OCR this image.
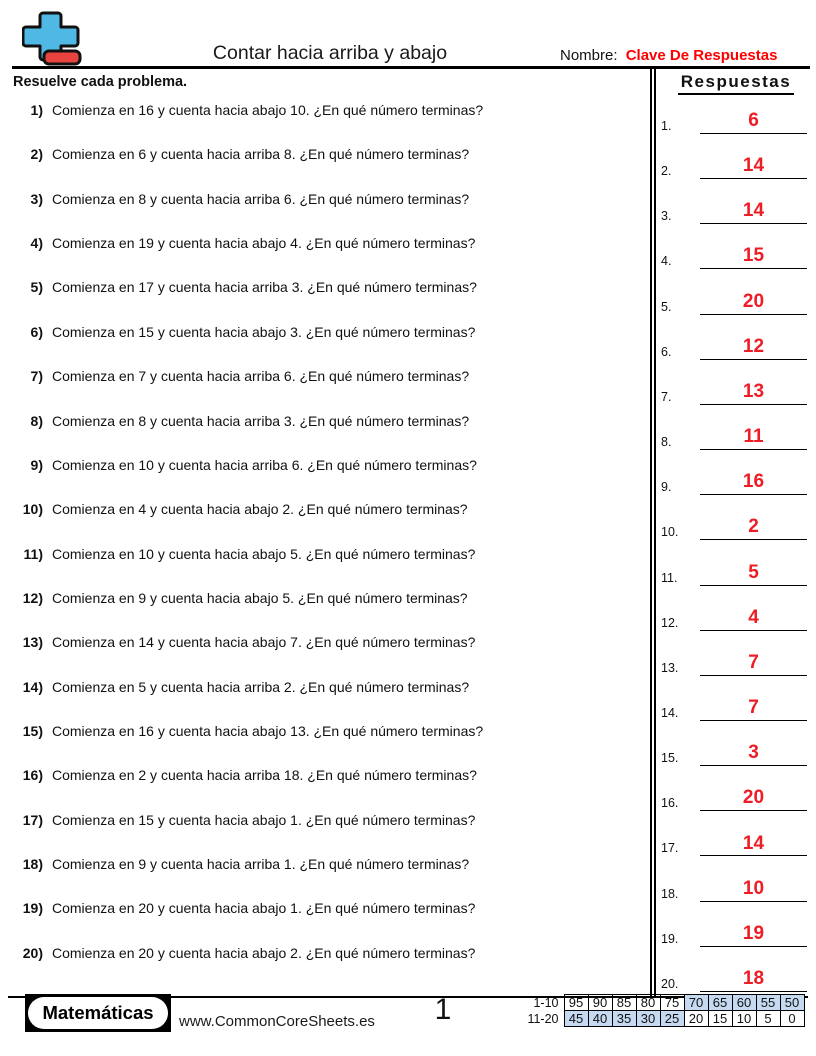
Contar hacia arriba y abajo	Nombre: Clave De Respuestas
Resuelve cada problema.
1) Comienza en 16 y cuenta hacia abajo 10. ¿En qué número terminas?
2) Comienza en 6 y cuenta hacia arriba 8. ¿En qué número terminas?
3) Comienza en 8 y cuenta hacia arriba 6. ¿En qué número terminas?
4) Comienza en 19 y cuenta hacia abajo 4. ¿En qué número terminas?
5) Comienza en 17 y cuenta hacia arriba 3. ¿En qué número terminas?
6) Comienza en 15 y cuenta hacia abajo 3. ¿En qué número terminas?
7) Comienza en 7 y cuenta hacia arriba 6. ¿En qué número terminas?
8) Comienza en 8 y cuenta hacia arriba 3. ¿En qué número terminas?
9) Comienza en 10 y cuenta hacia arriba 6. ¿En qué número terminas?
10) Comienza en 4 y cuenta hacia abajo 2. ¿En qué número terminas?
11) Comienza en 10 y cuenta hacia abajo 5. ¿En qué número terminas?
12) Comienza en 9 y cuenta hacia abajo 5. ¿En qué número terminas?
13) Comienza en 14 y cuenta hacia abajo 7. ¿En qué número terminas?
14) Comienza en 5 y cuenta hacia arriba 2. ¿En qué número terminas?
15) Comienza en 16 y cuenta hacia abajo 13. ¿En qué número terminas?
16) Comienza en 2 y cuenta hacia arriba 18. ¿En qué número terminas?
17) Comienza en 15 y cuenta hacia abajo 1. ¿En qué número terminas?
18) Comienza en 9 y cuenta hacia arriba 1. ¿En qué número terminas?
19) Comienza en 20 y cuenta hacia abajo 1. ¿En qué número terminas?
20) Comienza en 20 y cuenta hacia abajo 2. ¿En qué número terminas?
Respuestas
1.	6
2.	14
3.	14
4.	15
5.	20
6.	12
7.	13
8.	11
9.	16
10.	2
11.	5
12.	4
13.	7
14.	7
15.	3
16.	20
17.	14
18.	10
19.	19
20.	18
Matemáticas	www.CommonCoreSheets.es	1	1-10	95	90	85	80	75	70	65	60	55	50
11-20	45	40	35	30	25	20	15	10	5	0
